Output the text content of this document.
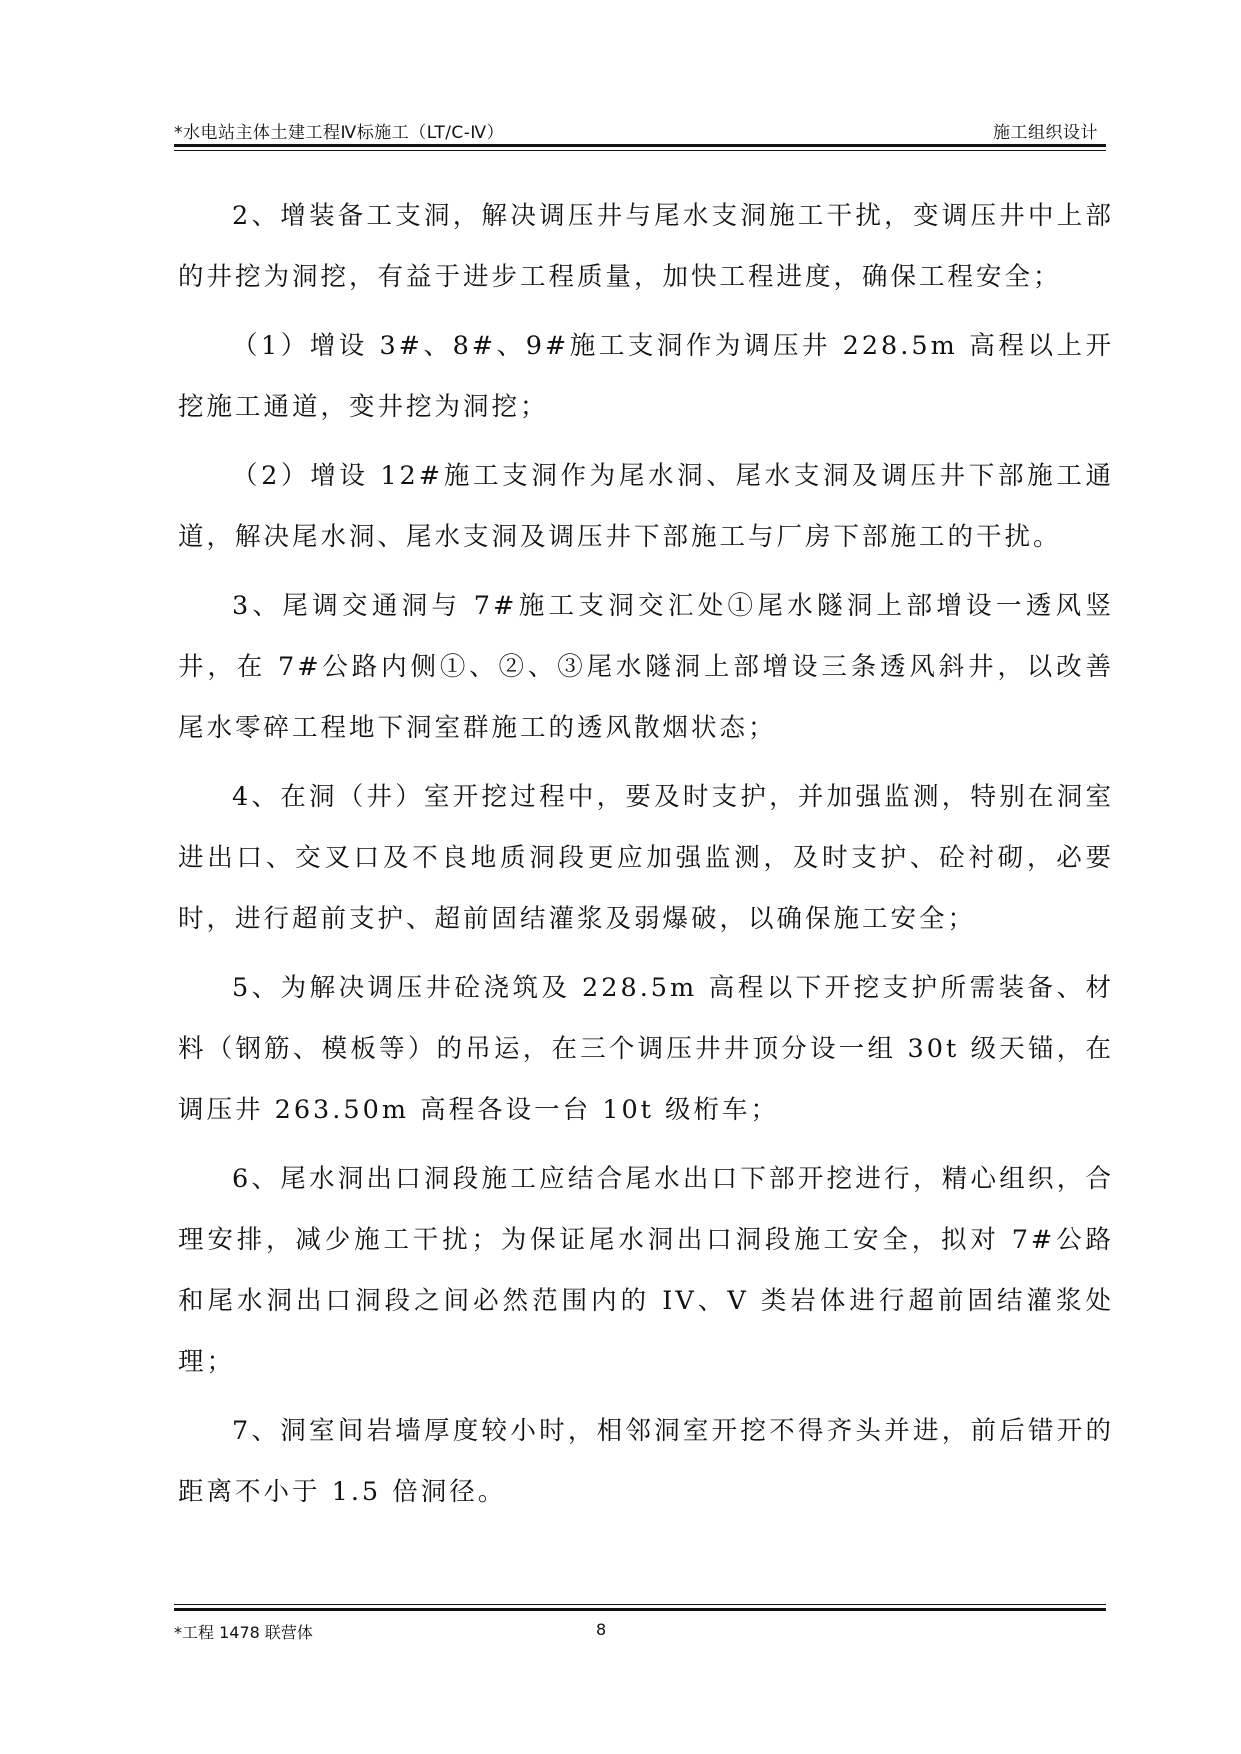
*水电站主体土建工程Ⅳ标施工（LT/C-Ⅳ）	施工组织设计

2、增装备工支洞，解决调压井与尾水支洞施工干扰，变调压井中上部的井挖为洞挖，有益于进步工程质量，加快工程进度，确保工程安全；

（1）增设 3#、8#、9#施工支洞作为调压井 228.5m 高程以上开挖施工通道，变井挖为洞挖；

（2）增设 12#施工支洞作为尾水洞、尾水支洞及调压井下部施工通道，解决尾水洞、尾水支洞及调压井下部施工与厂房下部施工的干扰。

3、尾调交通洞与 7#施工支洞交汇处①尾水隧洞上部增设一透风竖井，在 7#公路内侧①、②、③尾水隧洞上部增设三条透风斜井，以改善尾水零碎工程地下洞室群施工的透风散烟状态；

4、在洞（井）室开挖过程中，要及时支护，并加强监测，特别在洞室进出口、交叉口及不良地质洞段更应加强监测，及时支护、砼衬砌，必要时，进行超前支护、超前固结灌浆及弱爆破，以确保施工安全；

5、为解决调压井砼浇筑及 228.5m 高程以下开挖支护所需装备、材料（钢筋、模板等）的吊运，在三个调压井井顶分设一组 30t 级天锚，在调压井 263.50m 高程各设一台 10t 级桁车；

6、尾水洞出口洞段施工应结合尾水出口下部开挖进行，精心组织，合理安排，减少施工干扰；为保证尾水洞出口洞段施工安全，拟对 7#公路和尾水洞出口洞段之间必然范围内的 IV、V 类岩体进行超前固结灌浆处理；

7、洞室间岩墙厚度较小时，相邻洞室开挖不得齐头并进，前后错开的距离不小于 1.5 倍洞径。

*工程 1478 联营体	8
